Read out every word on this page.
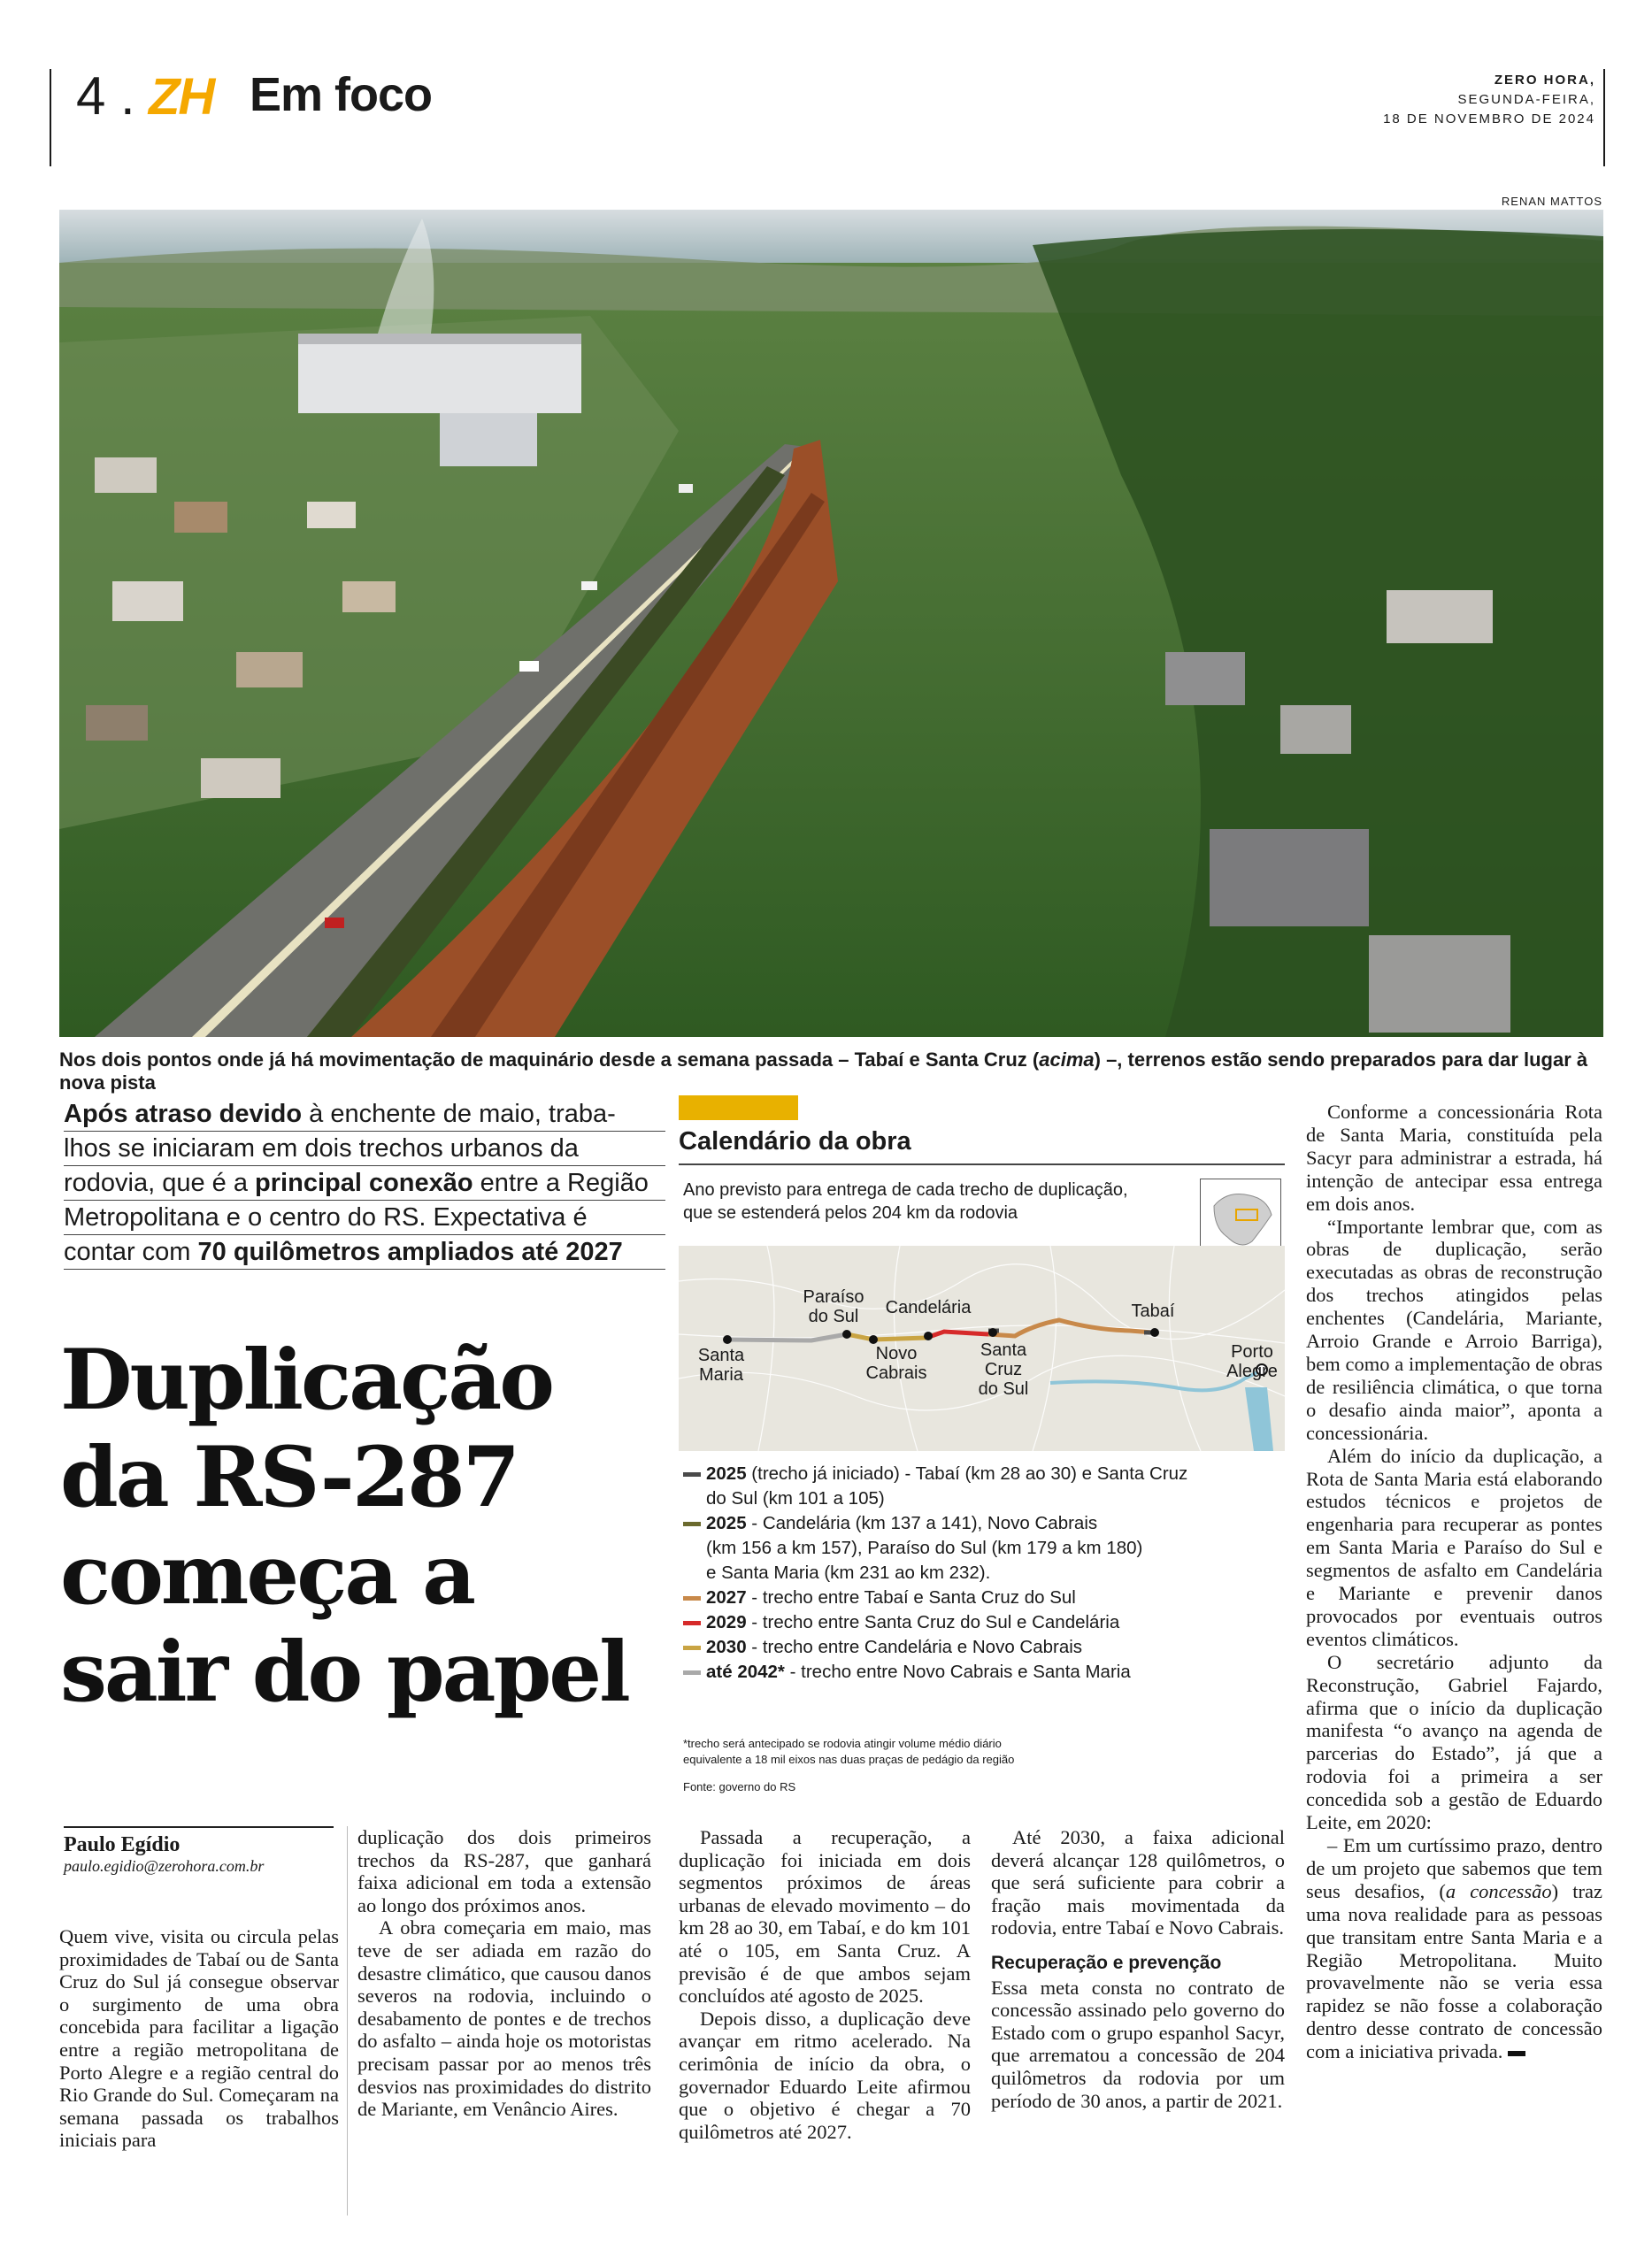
4 . ZH Em foco	ZERO HORA,
SEGUNDA-FEIRA,
18 DE NOVEMBRO DE 2024
RENAN MATTOS
Nos dois pontos onde já há movimentação de maquinário desde a semana passada – Tabaí e Santa Cruz (acima) –, terrenos estão sendo preparados para dar lugar à nova pista
Após atraso devido à enchente de maio, traba-
lhos se iniciaram em dois trechos urbanos da
rodovia, que é a principal conexão entre a Região
Metropolitana e o centro do RS. Expectativa é
contar com 70 quilômetros ampliados até 2027
Duplicação
da RS-287
começa a
sair do papel
Paulo Egídio
paulo.egidio@zerohora.com.br

Quem vive, visita ou circula pelas proximidades de Tabaí ou de Santa Cruz do Sul já consegue observar o surgimento de uma obra concebida para facilitar a ligação entre a região metropolitana de Porto Alegre e a região central do Rio Grande do Sul. Começaram na semana passada os trabalhos iniciais para

duplicação dos dois primeiros trechos da RS-287, que ganhará faixa adicional em toda a extensão ao longo dos próximos anos.

A obra começaria em maio, mas teve de ser adiada em razão do desastre climático, que causou danos severos na rodovia, incluindo o desabamento de pontes e de trechos do asfalto – ainda hoje os motoristas precisam passar por ao menos três desvios nas proximidades do distrito de Mariante, em Venâncio Aires.

Passada a recuperação, a duplicação foi iniciada em dois segmentos próximos de áreas urbanas de elevado movimento – do km 28 ao 30, em Tabaí, e do km 101 até o 105, em Santa Cruz. A previsão é de que ambos sejam concluídos até agosto de 2025.

Depois disso, a duplicação deve avançar em ritmo acelerado. Na cerimônia de início da obra, o governador Eduardo Leite afirmou que o objetivo é chegar a 70 quilômetros até 2027.

Até 2030, a faixa adicional deverá alcançar 128 quilômetros, o que será suficiente para cobrir a fração mais movimentada da rodovia, entre Tabaí e Novo Cabrais.

Recuperação e prevenção

Essa meta consta no contrato de concessão assinado pelo governo do Estado com o grupo espanhol Sacyr, que arrematou a concessão de 204 quilômetros da rodovia por um período de 30 anos, a partir de 2021.

Conforme a concessionária Rota de Santa Maria, constituída pela Sacyr para administrar a estrada, há intenção de antecipar essa entrega em dois anos.

“Importante lembrar que, com as obras de duplicação, serão executadas as obras de reconstrução dos trechos atingidos pelas enchentes (Candelária, Mariante, Arroio Grande e Arroio Barriga), bem como a implementação de obras de resiliência climática, o que torna o desafio ainda maior”, aponta a concessionária.

Além do início da duplicação, a Rota de Santa Maria está elaborando estudos técnicos e projetos de engenharia para recuperar as pontes em Santa Maria e Paraíso do Sul e segmentos de asfalto em Candelária e Mariante e prevenir danos provocados por eventuais outros eventos climáticos.

O secretário adjunto da Reconstrução, Gabriel Fajardo, afirma que o início da duplicação manifesta “o avanço na agenda de parcerias do Estado”, já que a rodovia foi a primeira a ser concedida sob a gestão de Eduardo Leite, em 2020:

– Em um curtíssimo prazo, dentro de um projeto que sabemos que tem seus desafios, (a concessão) traz uma nova realidade para as pessoas que transitam entre Santa Maria e a Região Metropolitana. Muito provavelmente não se veria essa rapidez se não fosse a colaboração dentro desse contrato de concessão com a iniciativa privada.

Calendário da obra
Ano previsto para entrega de cada trecho de duplicação,
que se estenderá pelos 204 km da rodovia
Santa
Maria
Paraíso
do Sul Candelária
Novo
Cabrais
Santa
Cruz
do Sul
Tabaí
Porto
Alegre
2025 (trecho já iniciado) - Tabaí (km 28 ao 30) e Santa Cruz
do Sul (km 101 a 105)
2025 - Candelária (km 137 a 141), Novo Cabrais
(km 156 a km 157), Paraíso do Sul (km 179 a km 180)
e Santa Maria (km 231 ao km 232).
2027 - trecho entre Tabaí e Santa Cruz do Sul
2029 - trecho entre Santa Cruz do Sul e Candelária
2030 - trecho entre Candelária e Novo Cabrais
até 2042* - trecho entre Novo Cabrais e Santa Maria
*trecho será antecipado se rodovia atingir volume médio diário
equivalente a 18 mil eixos nas duas praças de pedágio da região
Fonte: governo do RS
